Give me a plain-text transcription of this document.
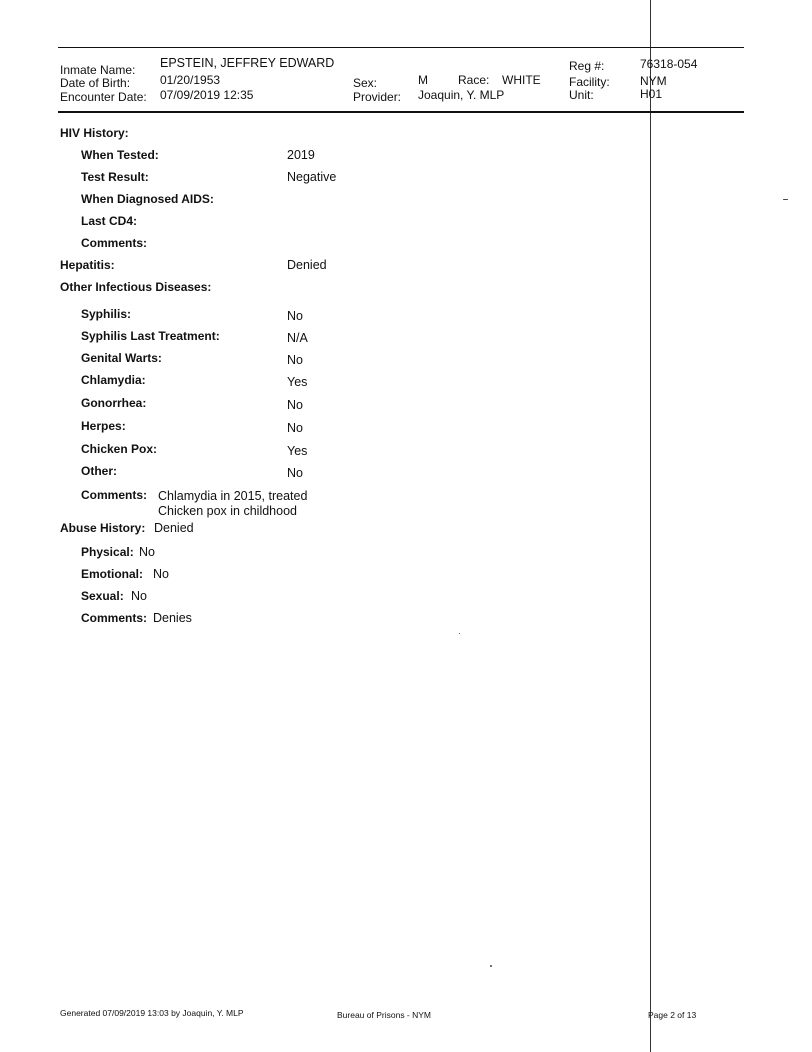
Inmate Name: EPSTEIN, JEFFREY EDWARD
Date of Birth: 01/20/1953
Encounter Date: 07/09/2019 12:35
Sex:	M	Race: WHITE
Provider: Joaquin, Y. MLP
Reg #:	76318-054
Facility:	NYM
Unit:	H01
HIV History:
When Tested:	2019
Test Result:	Negative
When Diagnosed AIDS:
Last CD4:
Comments:
Hepatitis:	Denied
Other Infectious Diseases:
Syphilis:	No
Syphilis Last Treatment:	N/A
Genital Warts:	No
Chlamydia:	Yes
Gonorrhea:	No
Herpes:	No
Chicken Pox:	Yes
Other:	No
Comments: Chlamydia in 2015, treated
Chicken pox in childhood
Abuse History: Denied
Physical: No
Emotional: No
Sexual: No
Comments: Denies
Generated 07/09/2019 13:03 by Joaquin, Y. MLP	Bureau of Prisons - NYM	Page 2 of 13
